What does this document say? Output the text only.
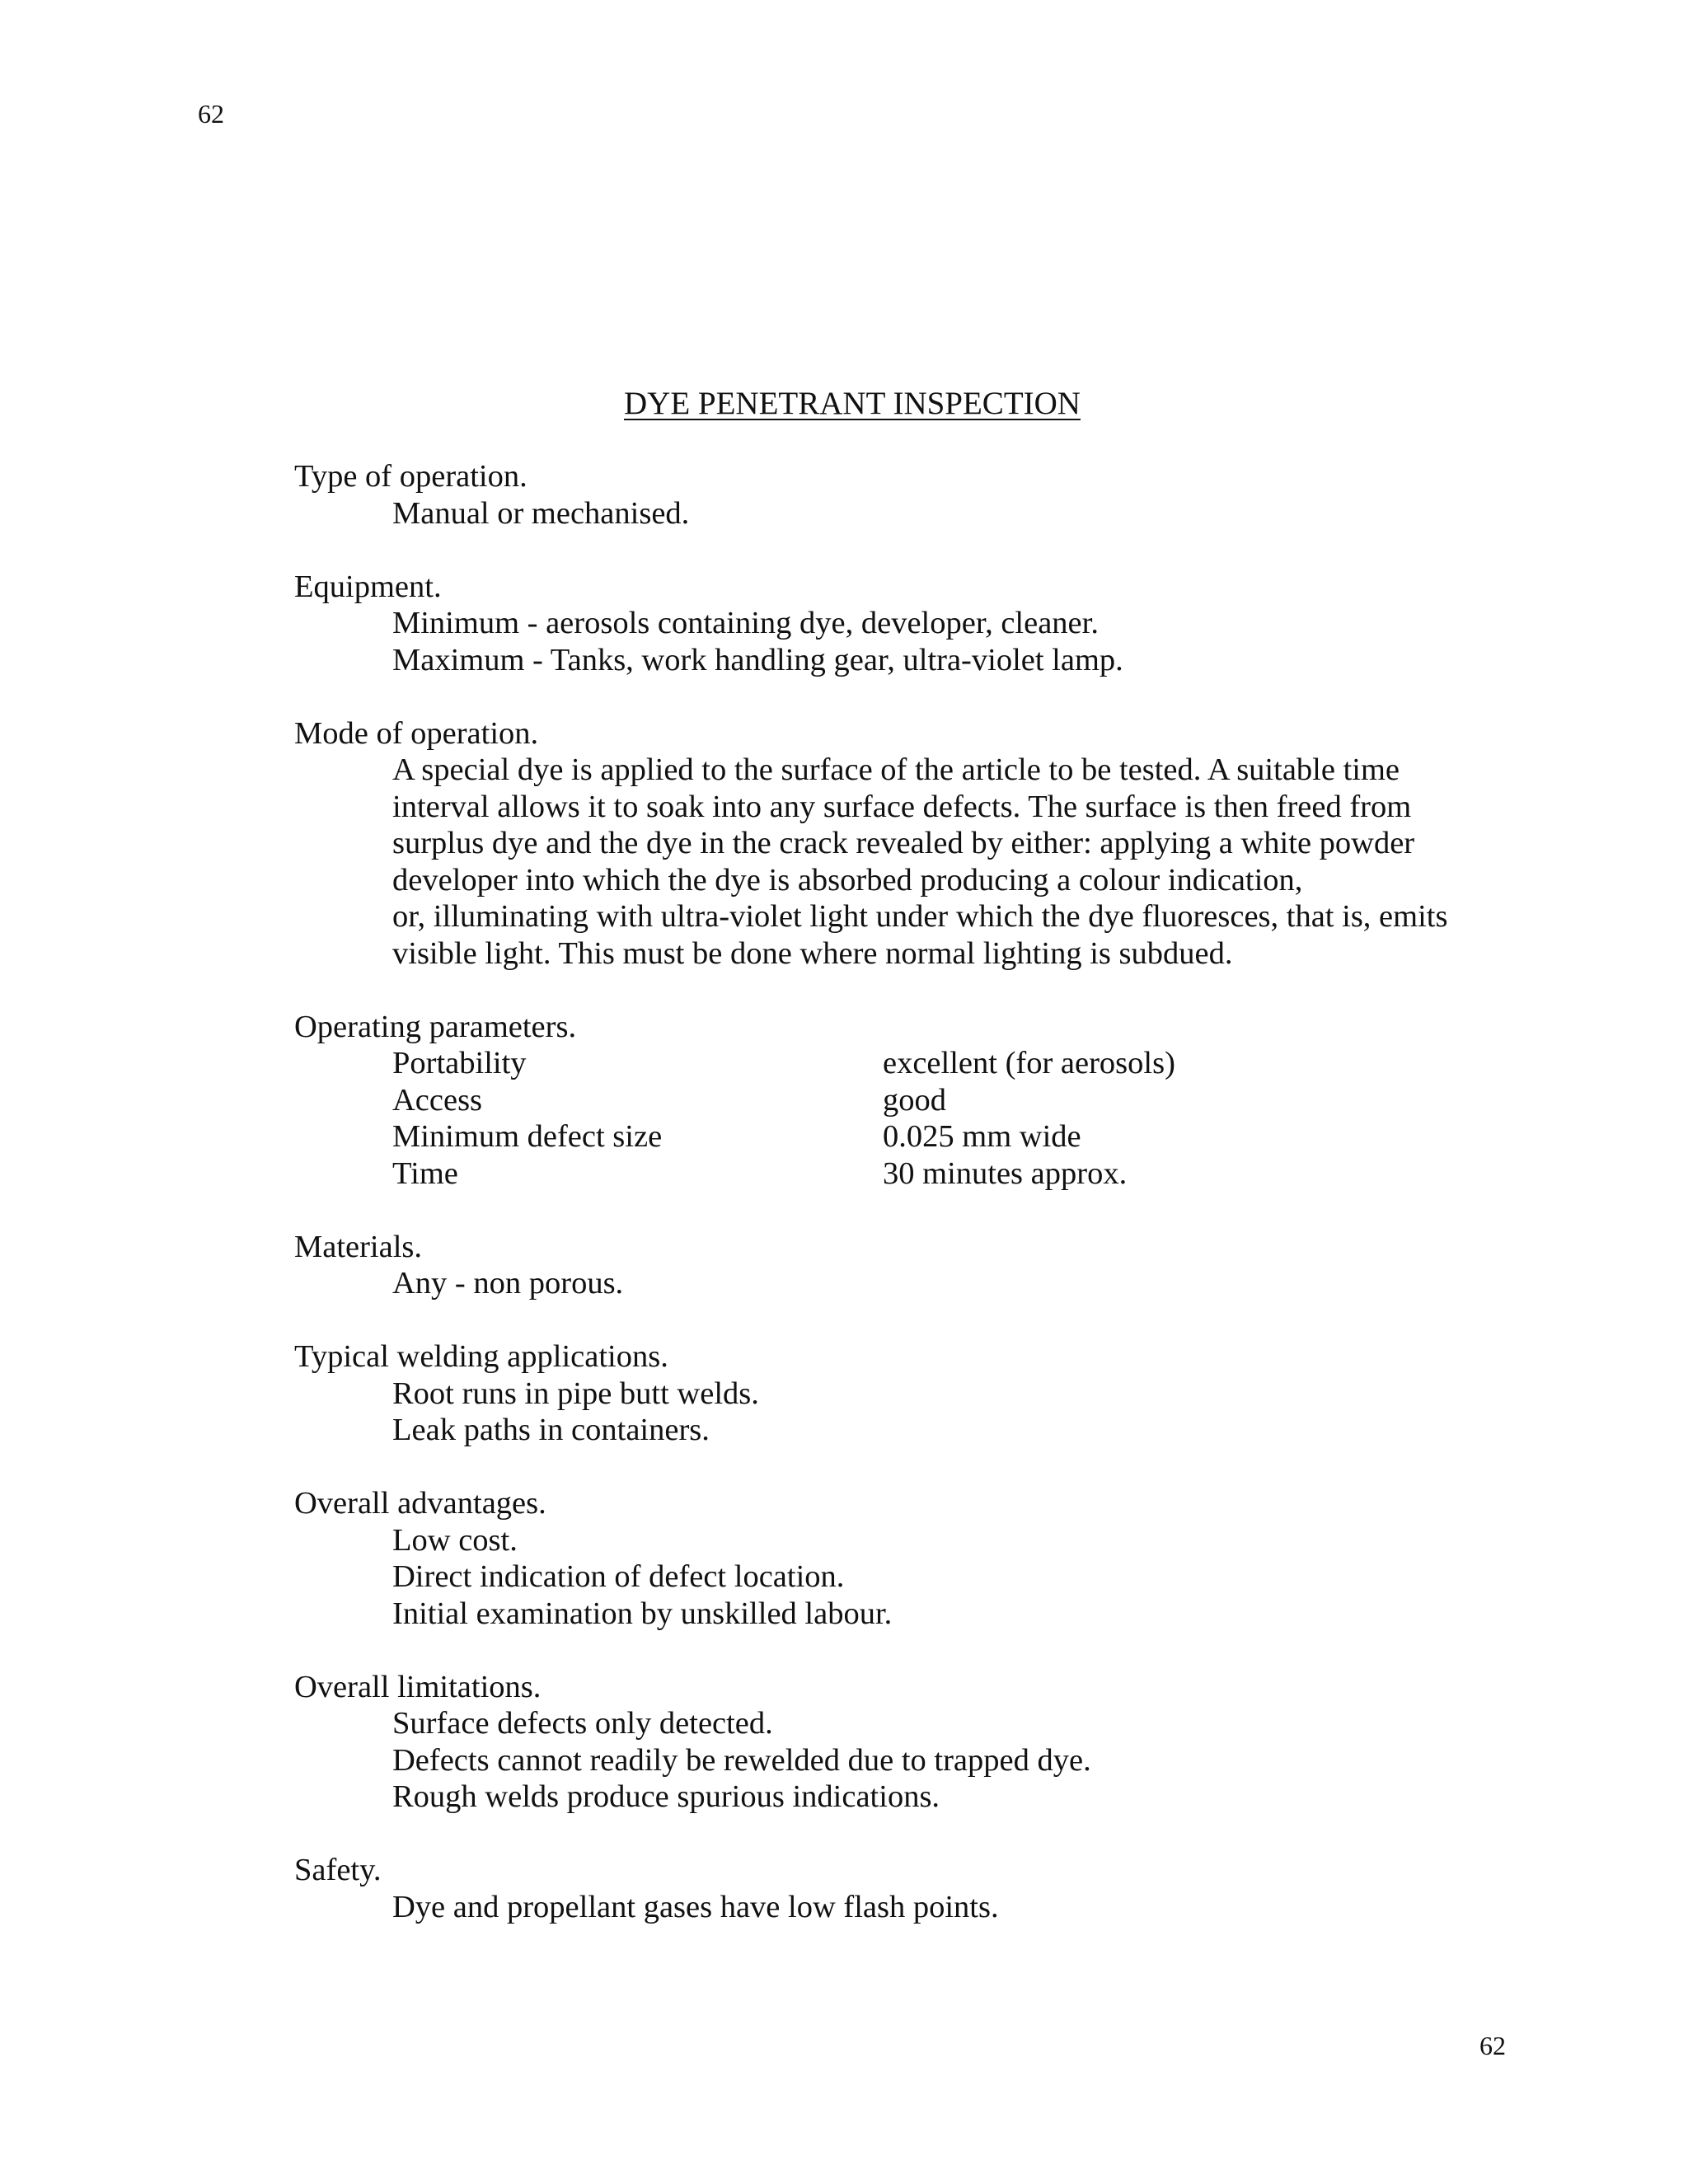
62
DYE PENETRANT INSPECTION
Type of operation.
Manual or mechanised.
Equipment.
Minimum - aerosols containing dye, developer, cleaner.
Maximum - Tanks, work handling gear, ultra-violet lamp.
Mode of operation.
A special dye is applied to the surface of the article to be tested. A suitable time
interval allows it to soak into any surface defects. The surface is then freed from
surplus dye and the dye in the crack revealed by either: applying a white powder
developer into which the dye is absorbed producing a colour indication,
or, illuminating with ultra-violet light under which the dye fluoresces, that is, emits
visible light. This must be done where normal lighting is subdued.
Operating parameters.
Portability	excellent (for aerosols)
Access	good
Minimum defect size	0.025 mm wide
Time	30 minutes approx.
Materials.
Any - non porous.
Typical welding applications.
Root runs in pipe butt welds.
Leak paths in containers.
Overall advantages.
Low cost.
Direct indication of defect location.
Initial examination by unskilled labour.
Overall limitations.
Surface defects only detected.
Defects cannot readily be rewelded due to trapped dye.
Rough welds produce spurious indications.
Safety.
Dye and propellant gases have low flash points.
62
